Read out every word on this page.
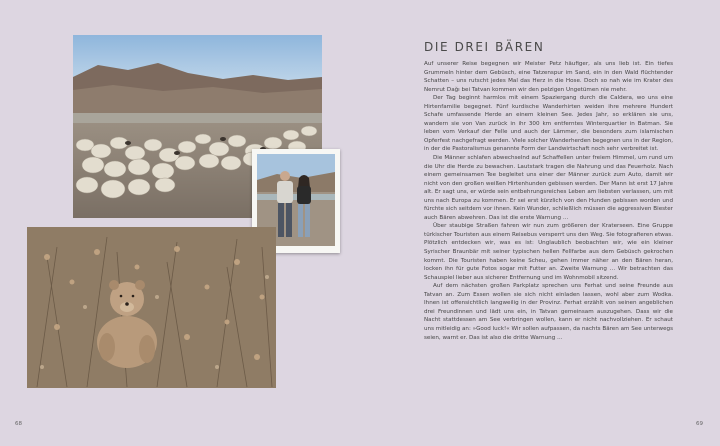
DIE DREI BÄREN

Auf unserer Reise begegnen wir Meister Petz häufiger, als uns lieb ist. Ein tiefes Grummeln hinter dem Gebüsch, eine Tatzenspur im Sand, ein in den Wald flüchtender Schatten – uns rutscht jedes Mal das Herz in die Hose. Doch so nah wie im Krater des Nemrut Dağı bei Tatvan kommen wir den pelzigen Ungetümen nie mehr.

Der Tag beginnt harmlos mit einem Spaziergang durch die Caldera, wo uns eine Hirtenfamilie begegnet. Fünf kurdische Wanderhirten weiden ihre mehrere Hundert Schafe umfassende Herde an einem kleinen See. Jedes Jahr, so erklären sie uns, wandern sie von Van zurück in ihr 300 km entferntes Winterquartier in Batman. Sie leben vom Verkauf der Felle und auch der Lämmer, die besonders zum islamischen Opferfest nachgefragt werden. Viele solcher Wanderherden begegnen uns in der Region, in der die Pastoralismus genannte Form der Landwirtschaft noch sehr verbreitet ist.

Die Männer schlafen abwechselnd auf Schaffellen unter freiem Himmel, um rund um die Uhr die Herde zu bewachen. Lautstark tragen die Nahrung und das Feuerholz. Nach einem gemeinsamen Tee begleitet uns einer der Männer zurück zum Auto, damit wir nicht von den großen weißen Hirtenhunden gebissen werden. Der Mann ist erst 17 Jahre alt. Er sagt uns, er würde sein entbehrungsreiches Leben am liebsten verlassen, um mit uns nach Europa zu kommen. Er sei erst kürzlich von den Hunden gebissen worden und fürchte sich seitdem vor ihnen. Kein Wunder, schließlich müssen die aggressiven Biester auch Bären abwehren. Das ist die erste Warnung …

Über staubige Straßen fahren wir nun zum größeren der Kraterseen. Eine Gruppe türkischer Touristen aus einem Reisebus versperrt uns den Weg. Sie fotografieren etwas. Plötzlich entdecken wir, was es ist: Unglaublich beobachten wir, wie ein kleiner Syrischer Braunbär mit seiner typischen hellen Fellfarbe aus dem Gebüsch gekrochen kommt. Die Touristen haben keine Scheu, gehen immer näher an den Bären heran, locken ihn für gute Fotos sogar mit Futter an. Zweite Warnung … Wir betrachten das Schauspiel lieber aus sicherer Entfernung und im Wohnmobil sitzend.

Auf dem nächsten großen Parkplatz sprechen uns Ferhat und seine Freunde aus Tatvan an. Zum Essen wollen sie sich nicht einladen lassen, wohl aber zum Wodka. Ihnen ist offensichtlich langweilig in der Provinz. Ferhat erzählt von seinen angeblichen drei Freundinnen und lädt uns ein, in Tatvan gemeinsam auszugehen. Dass wir die Nacht stattdessen am See verbringen wollen, kann er nicht nachvollziehen. Er schaut uns mitleidig an: »Good luck!« Wir sollen aufpassen, da nachts Bären am See unterwegs seien, warnt er. Das ist also die dritte Warnung …

68	69
